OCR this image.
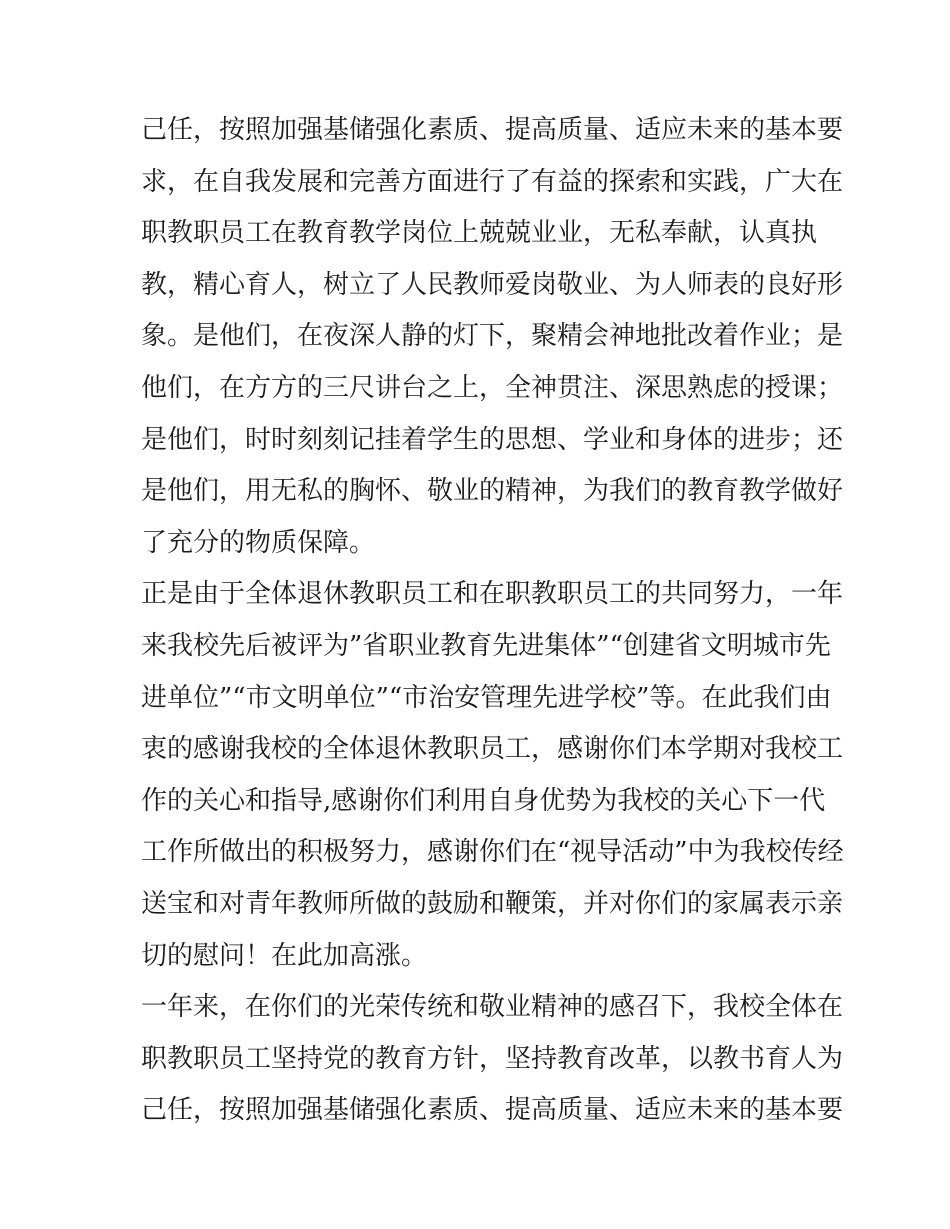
己任，按照加强基储强化素质、提高质量、适应未来的基本要
求，在自我发展和完善方面进行了有益的探索和实践，广大在
职教职员工在教育教学岗位上兢兢业业，无私奉献，认真执
教，精心育人，树立了人民教师爱岗敬业、为人师表的良好形
象。是他们，在夜深人静的灯下，聚精会神地批改着作业；是
他们，在方方的三尺讲台之上，全神贯注、深思熟虑的授课；
是他们，时时刻刻记挂着学生的思想、学业和身体的进步；还
是他们，用无私的胸怀、敬业的精神，为我们的教育教学做好
了充分的物质保障。
正是由于全体退休教职员工和在职教职员工的共同努力，一年
来我校先后被评为”省职业教育先进集体”“创建省文明城市先
进单位”“市文明单位”“市治安管理先进学校”等。在此我们由
衷的感谢我校的全体退休教职员工，感谢你们本学期对我校工
作的关心和指导,感谢你们利用自身优势为我校的关心下一代
工作所做出的积极努力，感谢你们在“视导活动”中为我校传经
送宝和对青年教师所做的鼓励和鞭策，并对你们的家属表示亲
切的慰问！在此加高涨。
一年来，在你们的光荣传统和敬业精神的感召下，我校全体在
职教职员工坚持党的教育方针，坚持教育改革，以教书育人为
己任，按照加强基储强化素质、提高质量、适应未来的基本要
